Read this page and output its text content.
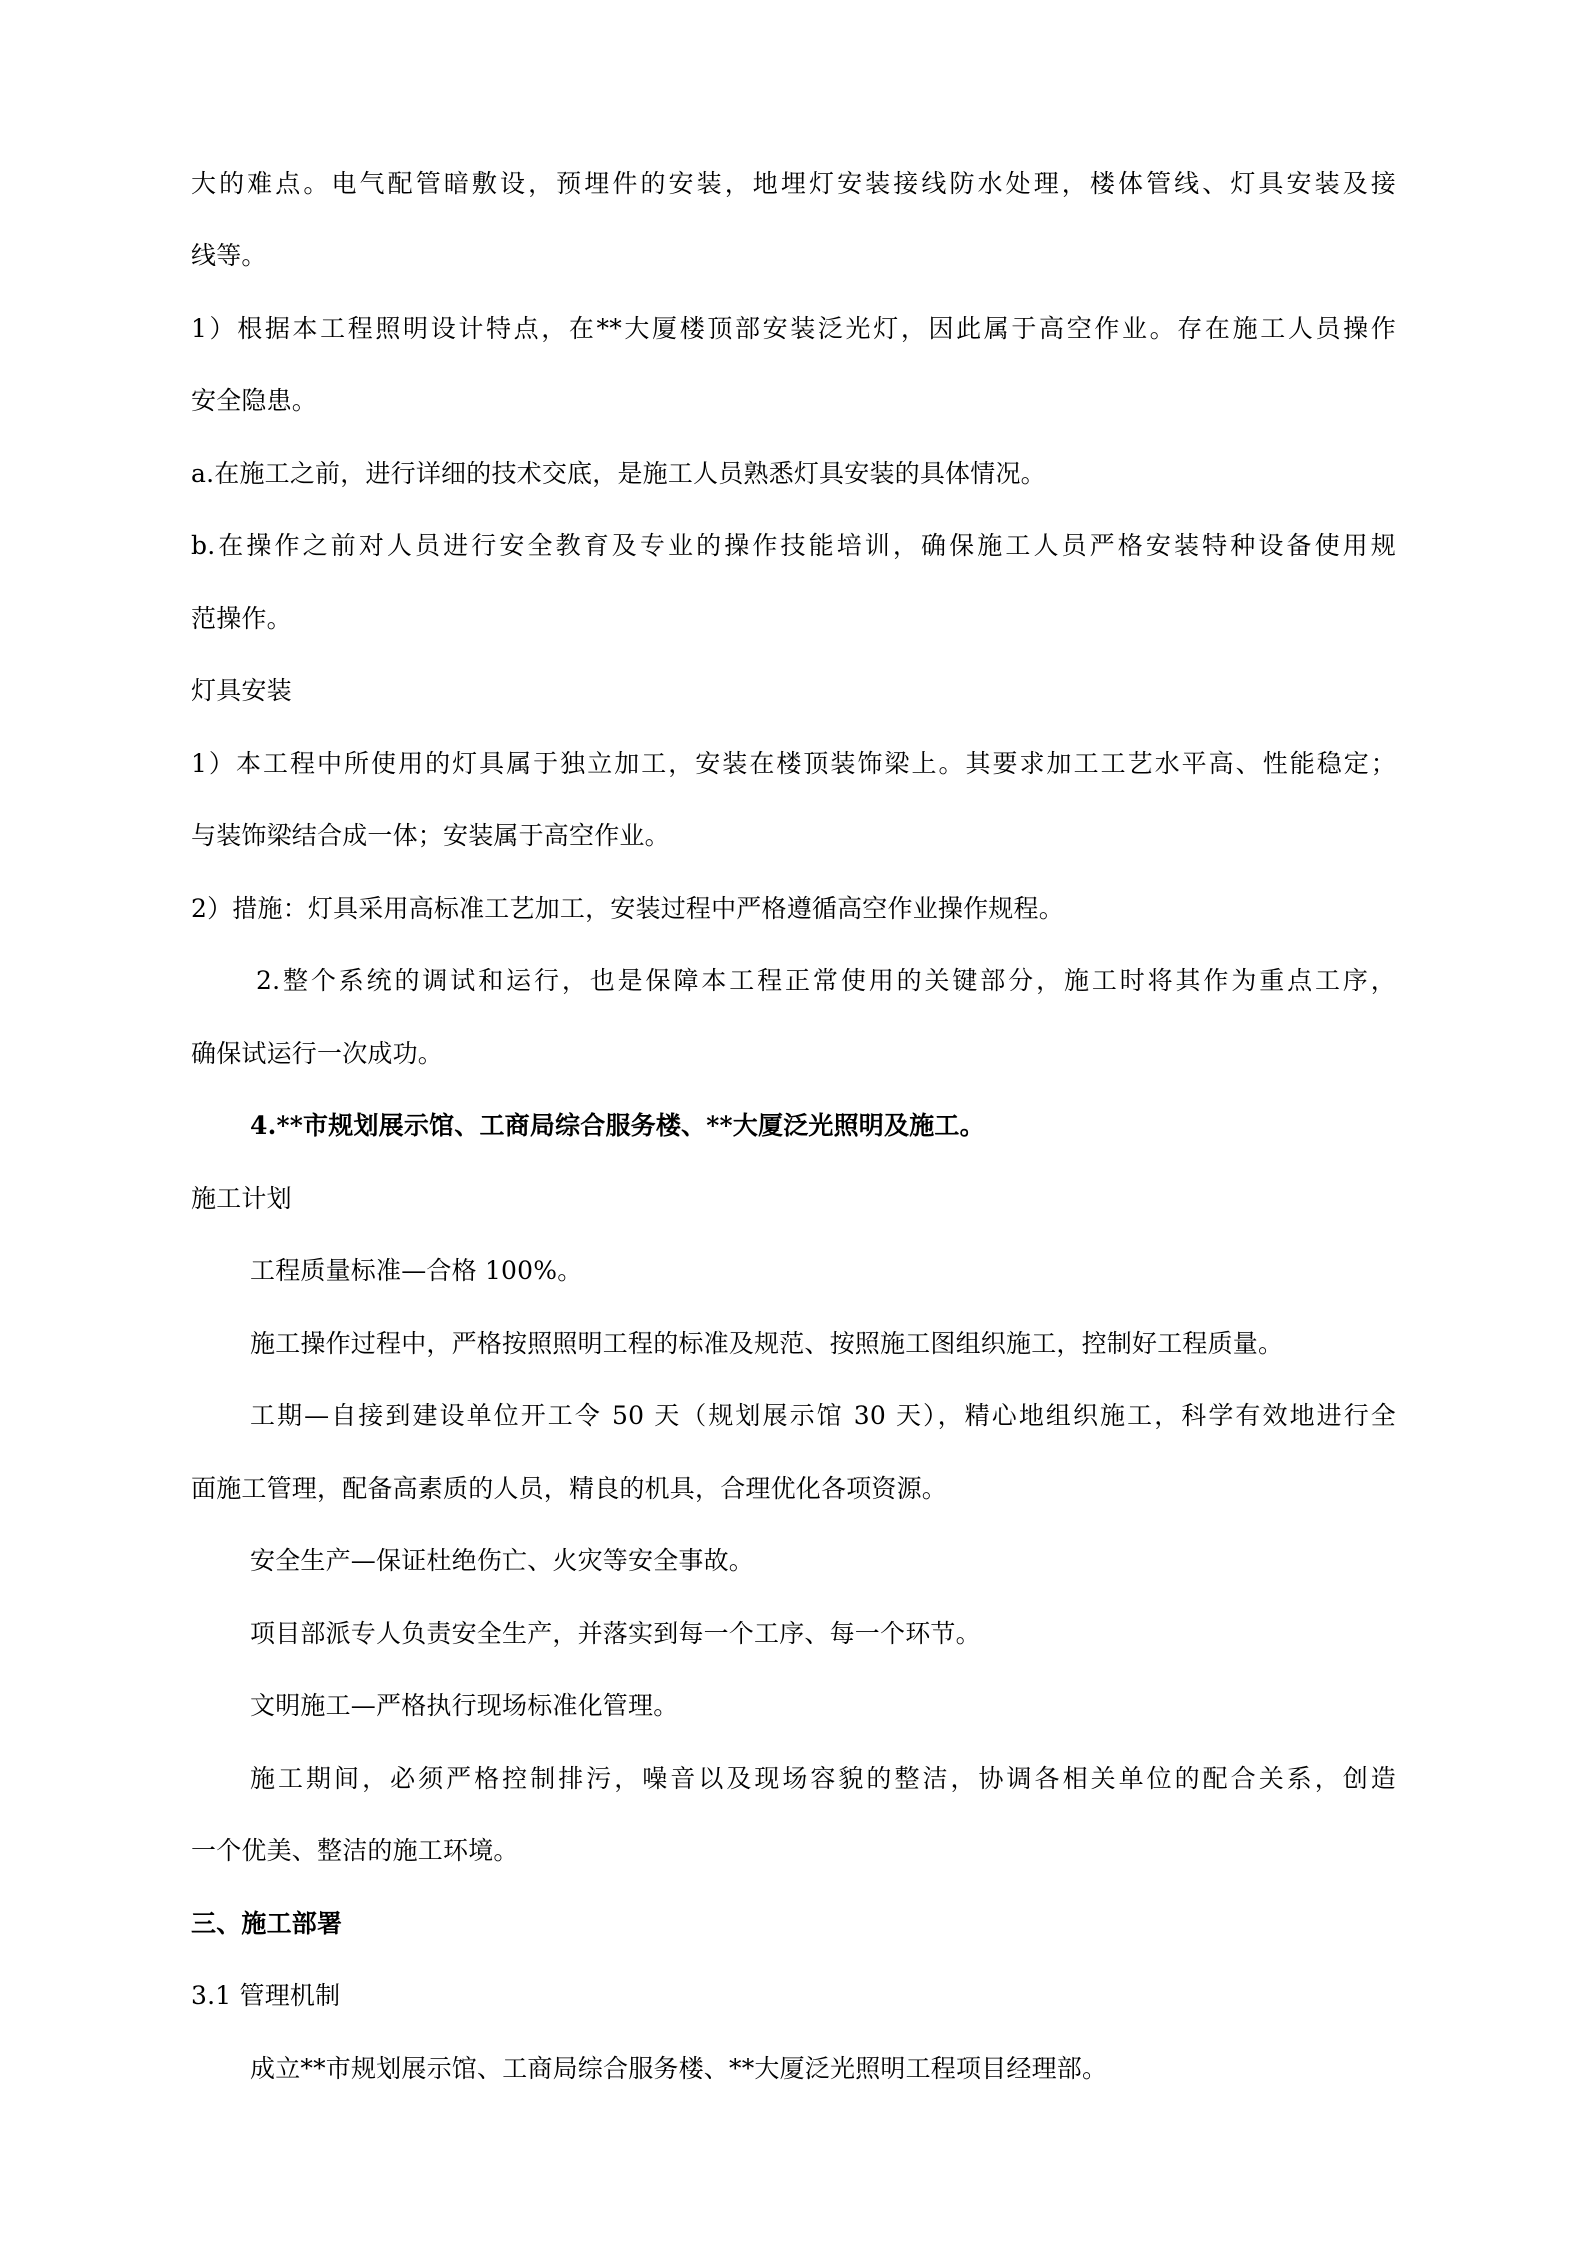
大的难点。电气配管暗敷设，预埋件的安装，地埋灯安装接线防水处理，楼体管线、灯具安装及接
线等。
1）根据本工程照明设计特点，在**大厦楼顶部安装泛光灯，因此属于高空作业。存在施工人员操作
安全隐患。
a.在施工之前，进行详细的技术交底，是施工人员熟悉灯具安装的具体情况。
b.在操作之前对人员进行安全教育及专业的操作技能培训，确保施工人员严格安装特种设备使用规
范操作。
灯具安装
1）本工程中所使用的灯具属于独立加工，安装在楼顶装饰梁上。其要求加工工艺水平高、性能稳定；
与装饰梁结合成一体；安装属于高空作业。
2）措施：灯具采用高标准工艺加工，安装过程中严格遵循高空作业操作规程。
2.整个系统的调试和运行，也是保障本工程正常使用的关键部分，施工时将其作为重点工序，
确保试运行一次成功。
4.**市规划展示馆、工商局综合服务楼、**大厦泛光照明及施工。
施工计划
工程质量标准—合格 100%。
施工操作过程中，严格按照照明工程的标准及规范、按照施工图组织施工，控制好工程质量。
工期—自接到建设单位开工令 50 天（规划展示馆 30 天），精心地组织施工，科学有效地进行全
面施工管理，配备高素质的人员，精良的机具，合理优化各项资源。
安全生产—保证杜绝伤亡、火灾等安全事故。
项目部派专人负责安全生产，并落实到每一个工序、每一个环节。
文明施工—严格执行现场标准化管理。
施工期间，必须严格控制排污，噪音以及现场容貌的整洁，协调各相关单位的配合关系，创造
一个优美、整洁的施工环境。
三、施工部署
3.1 管理机制
成立**市规划展示馆、工商局综合服务楼、**大厦泛光照明工程项目经理部。
